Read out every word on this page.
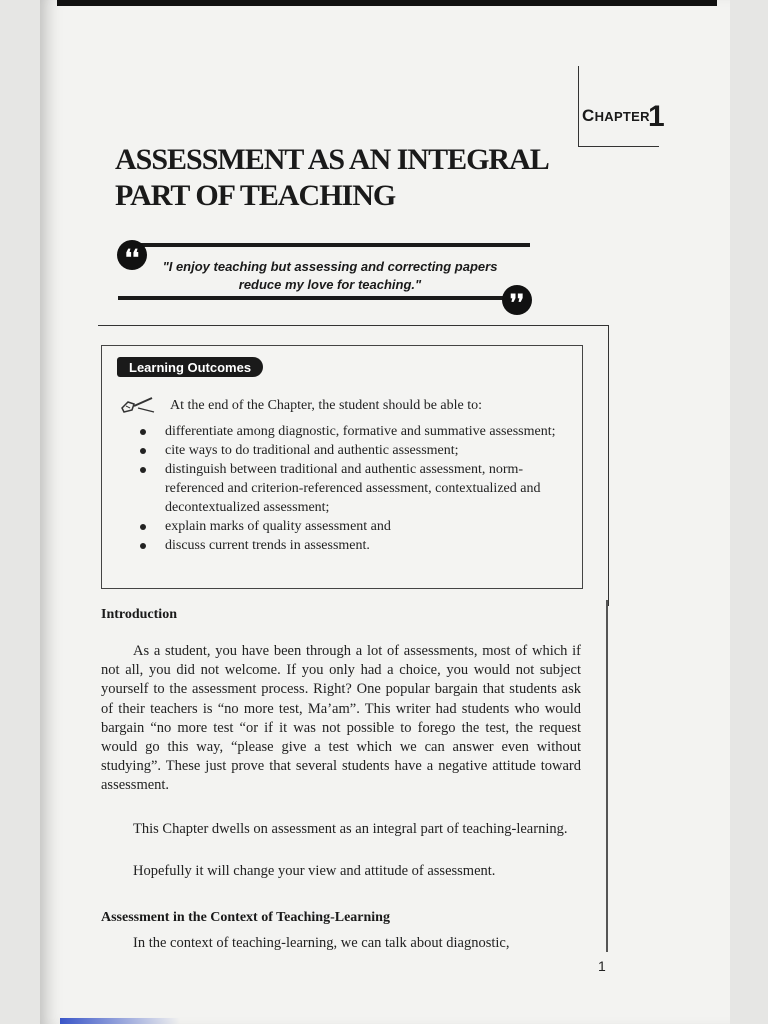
CHAPTER
1
ASSESSMENT AS AN INTEGRAL
PART OF TEACHING
❛❛	"I enjoy teaching but assessing and correcting papers
reduce my love for teaching."
❜❜
Learning Outcomes
At the end of the Chapter, the student should be able to:
differentiate among diagnostic, formative and summative assessment;
cite ways to do traditional and authentic assessment;
distinguish between traditional and authentic assessment, norm-referenced and criterion-referenced assessment, contextualized and decontextualized assessment;
explain marks of quality assessment and
discuss current trends in assessment.
Introduction

As a student, you have been through a lot of assessments, most of which if not all, you did not welcome. If you only had a choice, you would not subject yourself to the assessment process. Right? One popular bargain that students ask of their teachers is “no more test, Ma’am”. This writer had students who would bargain “no more test “or if it was not possible to forego the test, the request would go this way, “please give a test which we can answer even without studying”. These just prove that several students have a negative attitude toward assessment.

This Chapter dwells on assessment as an integral part of teaching-learning.

Hopefully it will change your view and attitude of assessment.

Assessment in the Context of Teaching-Learning

In the context of teaching-learning, we can talk about diagnostic,

1
